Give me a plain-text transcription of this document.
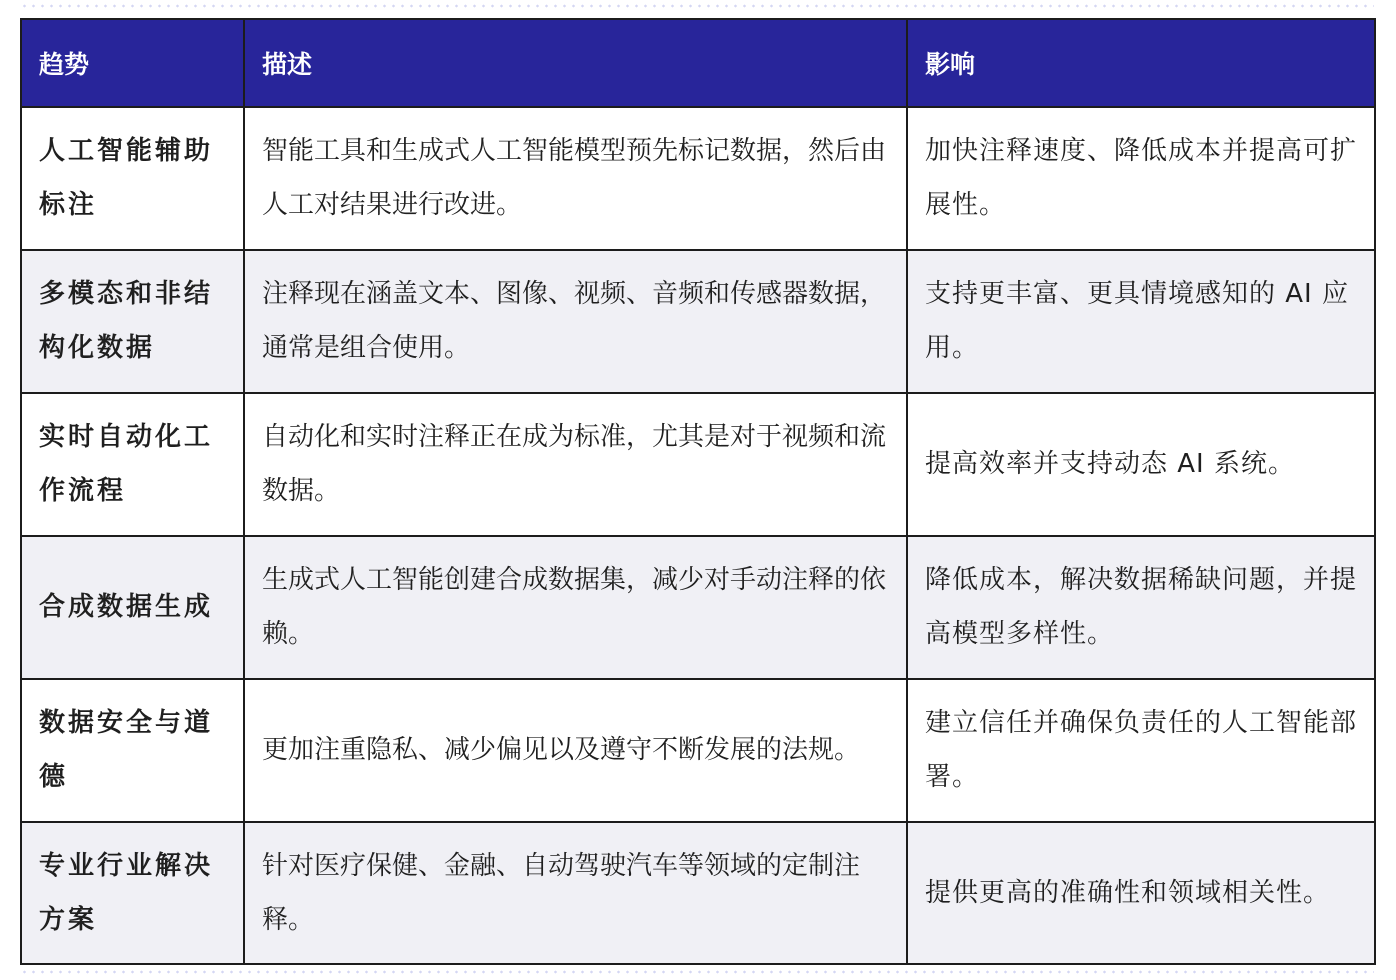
趋势	描述	影响
人工智能辅助标注	智能工具和生成式人工智能模型预先标记数据，然后由人工对结果进行改进。	加快注释速度、降低成本并提高可扩展性。
多模态和非结构化数据	注释现在涵盖文本、图像、视频、音频和传感器数据，通常是组合使用。	支持更丰富、更具情境感知的 AI 应用。
实时自动化工作流程	自动化和实时注释正在成为标准，尤其是对于视频和流数据。	提高效率并支持动态 AI 系统。
合成数据生成	生成式人工智能创建合成数据集，减少对手动注释的依赖。	降低成本，解决数据稀缺问题，并提高模型多样性。
数据安全与道德	更加注重隐私、减少偏见以及遵守不断发展的法规。	建立信任并确保负责任的人工智能部署。
专业行业解决方案	针对医疗保健、金融、自动驾驶汽车等领域的定制注释。	提供更高的准确性和领域相关性。
